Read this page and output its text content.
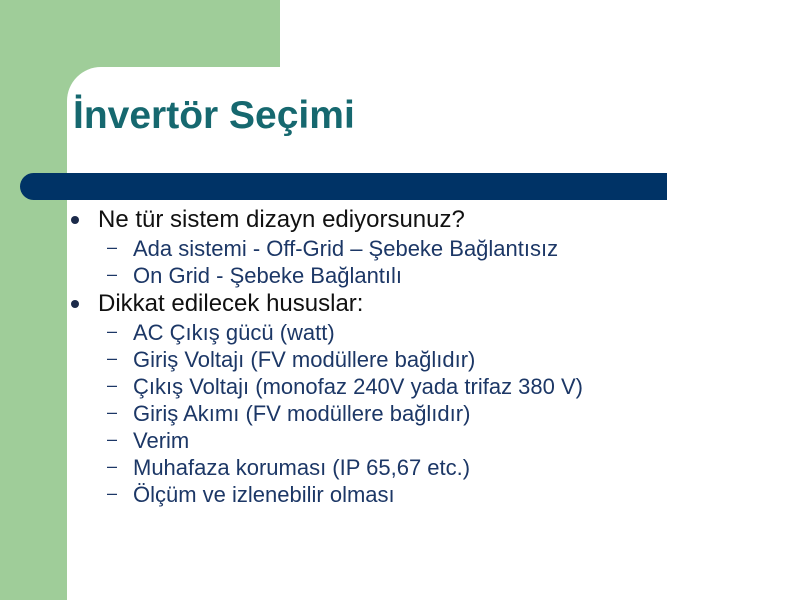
İnvertör Seçimi
Ne tür sistem dizayn ediyorsunuz?
– Ada sistemi - Off-Grid – Şebeke Bağlantısız
– On Grid - Şebeke Bağlantılı
Dikkat edilecek hususlar:
– AC Çıkış gücü (watt)
– Giriş Voltajı (FV modüllere bağlıdır)
– Çıkış Voltajı (monofaz 240V yada trifaz 380 V)
– Giriş Akımı (FV modüllere bağlıdır)
– Verim
– Muhafaza koruması (IP 65,67 etc.)
– Ölçüm ve izlenebilir olması
